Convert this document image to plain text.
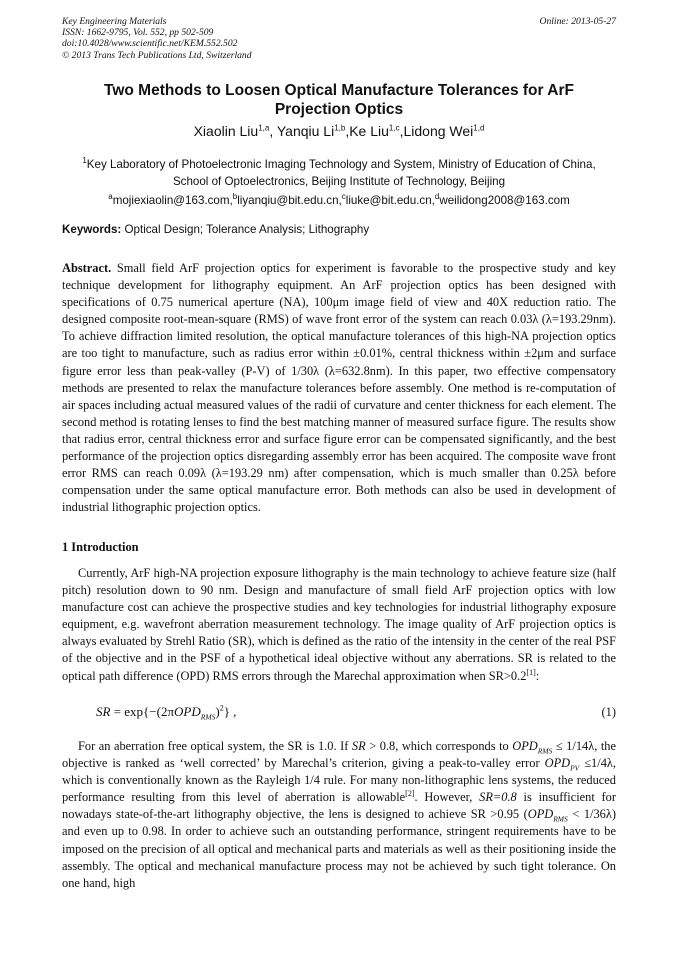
Key Engineering Materials
ISSN: 1662-9795, Vol. 552, pp 502-509
doi:10.4028/www.scientific.net/KEM.552.502
© 2013 Trans Tech Publications Ltd, Switzerland
Online: 2013-05-27
Two Methods to Loosen Optical Manufacture Tolerances for ArF
Projection Optics
Xiaolin Liu$^{1,a}$, Yanqiu Li$^{1,b}$,Ke Liu$^{1,c}$,Lidong Wei$^{1,d}$
$^1$Key Laboratory of Photoelectronic Imaging Technology and System, Ministry of Education of China,
School of Optoelectronics, Beijing Institute of Technology, Beijing
$^a$mojiexiaolin@163.com,$^b$liyanqiu@bit.edu.cn,$^c$liuke@bit.edu.cn,$^d$weilidong2008@163.com
Keywords: Optical Design; Tolerance Analysis; Lithography
Abstract. Small field ArF projection optics for experiment is favorable to the prospective study and key technique development for lithography equipment. An ArF projection optics has been designed with specifications of 0.75 numerical aperture (NA), 100μm image field of view and 40X reduction ratio. The designed composite root-mean-square (RMS) of wave front error of the system can reach 0.03λ (λ=193.29nm). To achieve diffraction limited resolution, the optical manufacture tolerances of this high-NA projection optics are too tight to manufacture, such as radius error within ±0.01%, central thickness within ±2μm and surface figure error less than peak-valley (P-V) of 1/30λ (λ=632.8nm). In this paper, two effective compensatory methods are presented to relax the manufacture tolerances before assembly. One method is re-computation of air spaces including actual measured values of the radii of curvature and center thickness for each element. The second method is rotating lenses to find the best matching manner of measured surface figure. The results show that radius error, central thickness error and surface figure error can be compensated significantly, and the best performance of the projection optics disregarding assembly error has been acquired. The composite wave front error RMS can reach 0.09λ (λ=193.29 nm) after compensation, which is much smaller than 0.25λ before compensation under the same optical manufacture error. Both methods can also be used in development of industrial lithographic projection optics.
1 Introduction
Currently, ArF high-NA projection exposure lithography is the main technology to achieve feature size (half pitch) resolution down to 90 nm. Design and manufacture of small field ArF projection optics with low manufacture cost can achieve the prospective studies and key technologies for industrial lithography exposure equipment, e.g. wavefront aberration measurement technology. The image quality of ArF projection optics is always evaluated by Strehl Ratio (SR), which is defined as the ratio of the intensity in the center of the real PSF of the objective and in the PSF of a hypothetical ideal objective without any aberrations. SR is related to the optical path difference (OPD) RMS errors through the Marechal approximation when SR>0.2[1]:
SR = $\exp\{-(2\pi OPD_{RMS})^2\}$ ,	(1)
For an aberration free optical system, the SR is 1.0. If SR > 0.8, which corresponds to $OPD_{RMS} \le 1/14\lambda$, the objective is ranked as ‘well corrected’ by Marechal’s criterion, giving a peak-to-valley error $OPD_{PV} \le 1/4\lambda$, which is conventionally known as the Rayleigh 1/4 rule. For many non-lithographic lens systems, the reduced performance resulting from this level of aberration is allowable[2]. However, SR=0.8 is insufficient for nowadays state-of-the-art lithography objective, the lens is designed to achieve SR >0.95 $(OPD_{RMS} < 1/36\lambda)$ and even up to 0.98. In order to achieve such an outstanding performance, stringent requirements have to be imposed on the precision of all optical and mechanical parts and materials as well as their positioning inside the assembly. The optical and mechanical manufacture process may not be achieved by such tight tolerance. On one hand, high
